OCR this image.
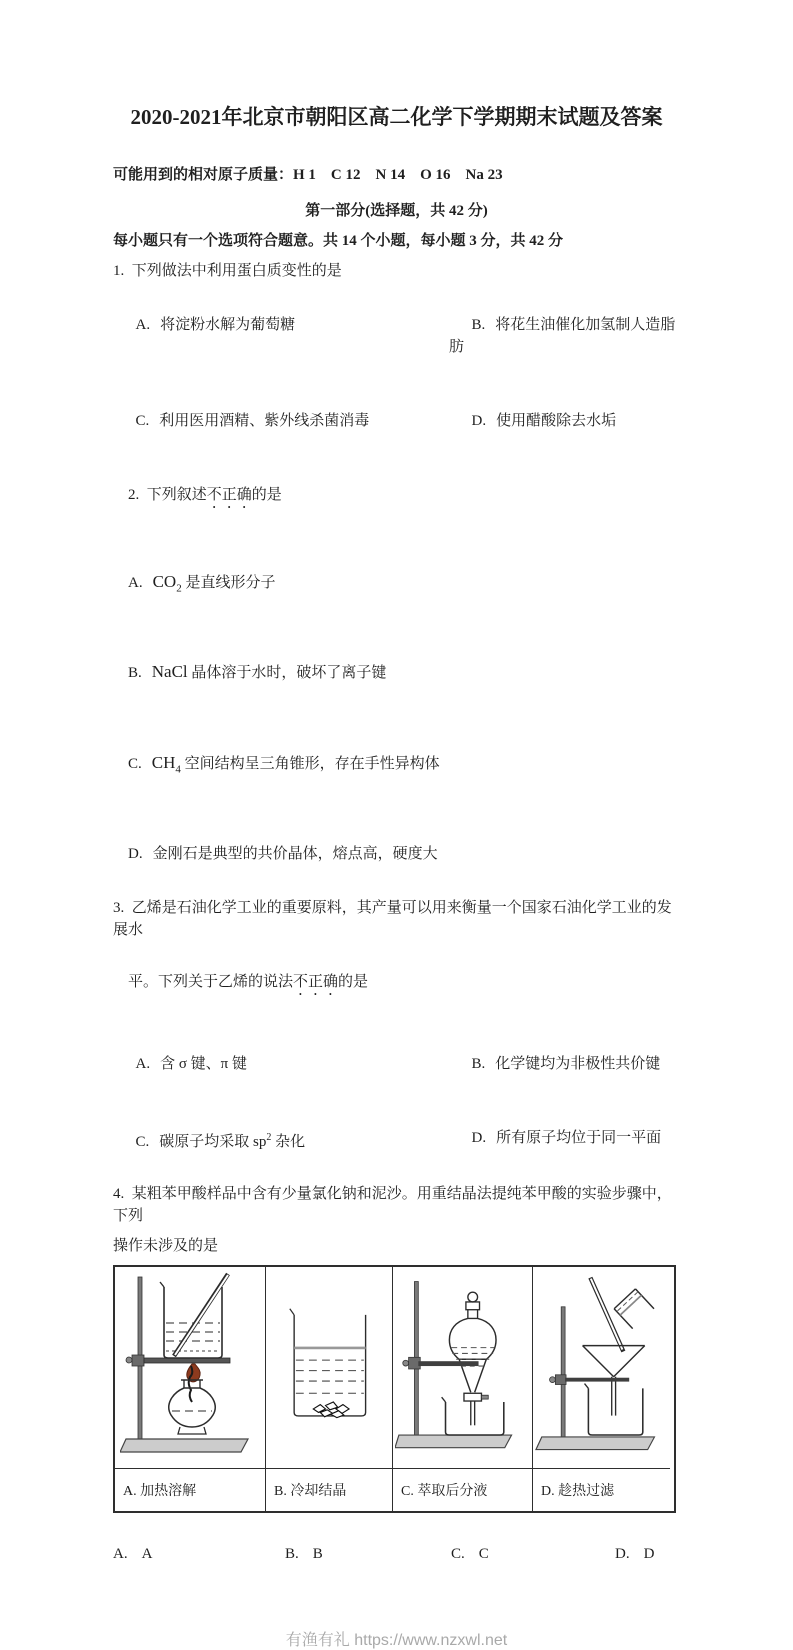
2020-2021年北京市朝阳区高二化学下学期期末试题及答案
可能用到的相对原子质量：H 1　C 12　N 14　O 16　Na 23
第一部分(选择题，共 42 分)
每小题只有一个选项符合题意。共 14 个小题，每小题 3 分，共 42 分
1.  下列做法中利用蛋白质变性的是

A. 将淀粉水解为葡萄糖
	B. 将花生油催化加氢制人造脂肪

C. 利用医用酒精、紫外线杀菌消毒
	D. 使用醋酸除去水垢

2.  下列叙述不正确的是

A. $CO_2$ 是直线形分子

B. NaCl 晶体溶于水时，破坏了离子键

C. $CH_4$ 空间结构呈三角锥形，存在手性异构体

D. 金刚石是典型的共价晶体，熔点高，硬度大

3.  乙烯是石油化学工业的重要原料，其产量可以用来衡量一个国家石油化学工业的发展水

平。下列关于乙烯的说法不正确的是

A. 含 σ 键、π 键
	B. 化学键均为非极性共价键

C. 碳原子均采取 $sp^2$ 杂化
	D. 所有原子均位于同一平面

4.  某粗苯甲酸样品中含有少量氯化钠和泥沙。用重结晶法提纯苯甲酸的实验步骤中，下列
操作未涉及的是
A. 加热溶解	B. 冷却结晶	C. 萃取后分液	D. 趁热过滤
A. A	B. B	C. C	D. D
有渔有礼 https://www.nzxwl.net
